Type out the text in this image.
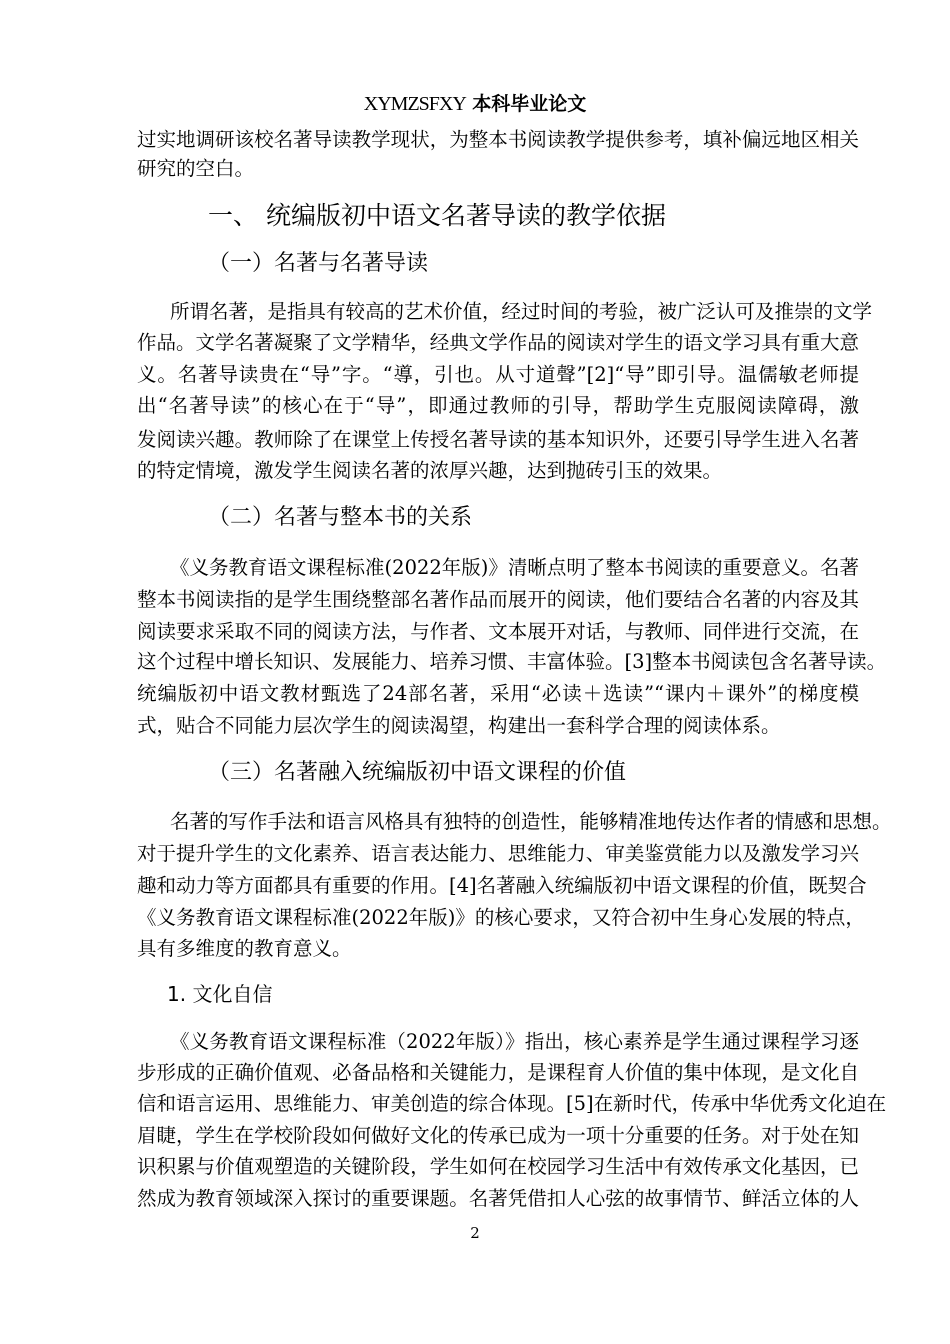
XYMZSFXY 本科毕业论文
过实地调研该校名著导读教学现状，为整本书阅读教学提供参考，填补偏远地区相关
研究的空白。
一、 统编版初中语文名著导读的教学依据
（一）名著与名著导读
所谓名著，是指具有较高的艺术价值，经过时间的考验，被广泛认可及推崇的文学
作品。文学名著凝聚了文学精华，经典文学作品的阅读对学生的语文学习具有重大意
义。名著导读贵在“导”字。“導，引也。从寸道聲”[2]“导”即引导。温儒敏老师提
出“名著导读”的核心在于“导”，即通过教师的引导，帮助学生克服阅读障碍，激
发阅读兴趣。教师除了在课堂上传授名著导读的基本知识外，还要引导学生进入名著
的特定情境，激发学生阅读名著的浓厚兴趣，达到抛砖引玉的效果。
（二）名著与整本书的关系
《义务教育语文课程标准(2022年版)》清晰点明了整本书阅读的重要意义。名著
整本书阅读指的是学生围绕整部名著作品而展开的阅读，他们要结合名著的内容及其
阅读要求采取不同的阅读方法，与作者、文本展开对话，与教师、同伴进行交流，在
这个过程中增长知识、发展能力、培养习惯、丰富体验。[3]整本书阅读包含名著导读。
统编版初中语文教材甄选了24部名著，采用“必读＋选读”“课内＋课外”的梯度模
式，贴合不同能力层次学生的阅读渴望，构建出一套科学合理的阅读体系。
（三）名著融入统编版初中语文课程的价值
名著的写作手法和语言风格具有独特的创造性，能够精准地传达作者的情感和思想。
对于提升学生的文化素养、语言表达能力、思维能力、审美鉴赏能力以及激发学习兴
趣和动力等方面都具有重要的作用。[4]名著融入统编版初中语文课程的价值，既契合
《义务教育语文课程标准(2022年版)》的核心要求，又符合初中生身心发展的特点，
具有多维度的教育意义。
1. 文化自信
《义务教育语文课程标准（2022年版）》指出，核心素养是学生通过课程学习逐
步形成的正确价值观、必备品格和关键能力，是课程育人价值的集中体现，是文化自
信和语言运用、思维能力、审美创造的综合体现。[5]在新时代，传承中华优秀文化迫在
眉睫，学生在学校阶段如何做好文化的传承已成为一项十分重要的任务。对于处在知
识积累与价值观塑造的关键阶段，学生如何在校园学习生活中有效传承文化基因，已
然成为教育领域深入探讨的重要课题。名著凭借扣人心弦的故事情节、鲜活立体的人
2
